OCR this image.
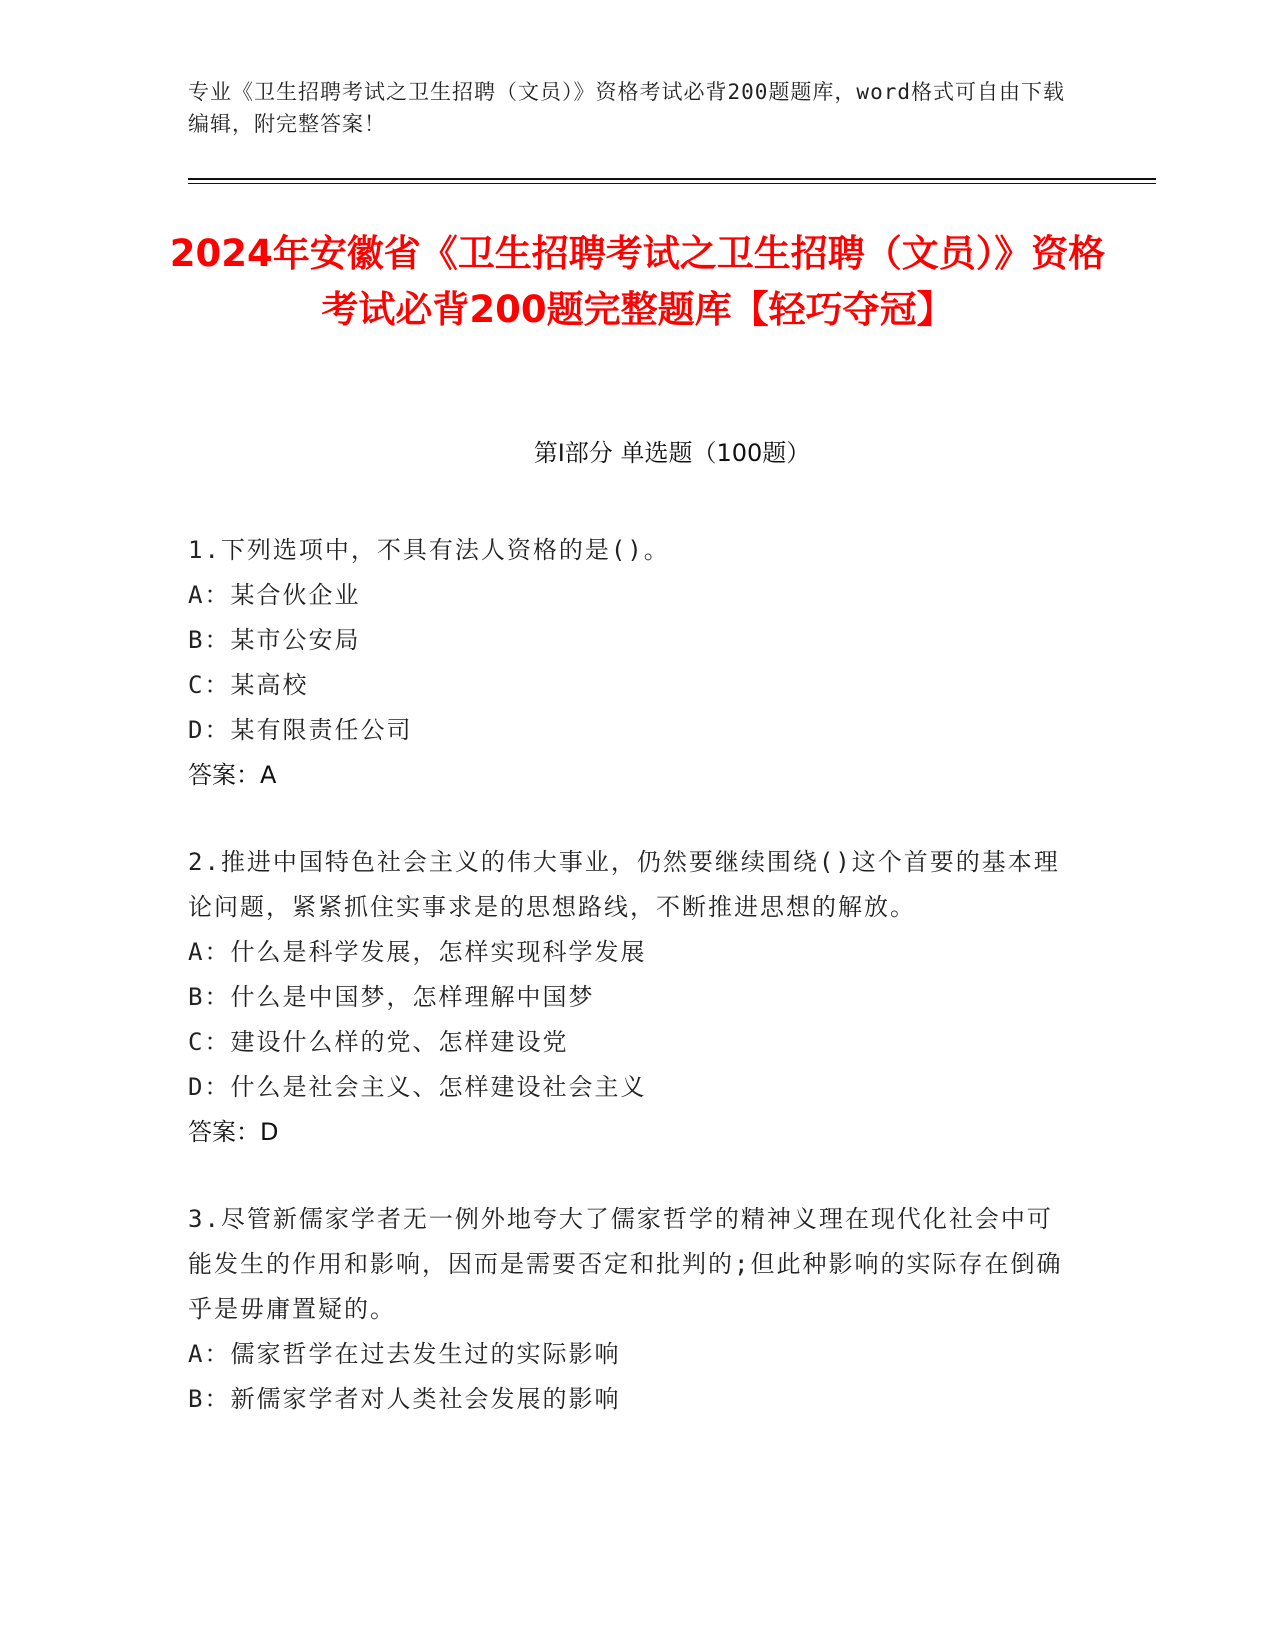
专业《卫生招聘考试之卫生招聘（文员）》资格考试必背200题题库，word格式可自由下载编辑，附完整答案！
2024年安徽省《卫生招聘考试之卫生招聘（文员）》资格考试必背200题完整题库【轻巧夺冠】
第Ⅰ部分 单选题（100题）
1.下列选项中，不具有法人资格的是()。
A：某合伙企业
B：某市公安局
C：某高校
D：某有限责任公司
答案：A
2.推进中国特色社会主义的伟大事业，仍然要继续围绕()这个首要的基本理论问题，紧紧抓住实事求是的思想路线，不断推进思想的解放。
A：什么是科学发展，怎样实现科学发展
B：什么是中国梦，怎样理解中国梦
C：建设什么样的党、怎样建设党
D：什么是社会主义、怎样建设社会主义
答案：D
3.尽管新儒家学者无一例外地夸大了儒家哲学的精神义理在现代化社会中可能发生的作用和影响，因而是需要否定和批判的;但此种影响的实际存在倒确乎是毋庸置疑的。
A：儒家哲学在过去发生过的实际影响
B：新儒家学者对人类社会发展的影响
